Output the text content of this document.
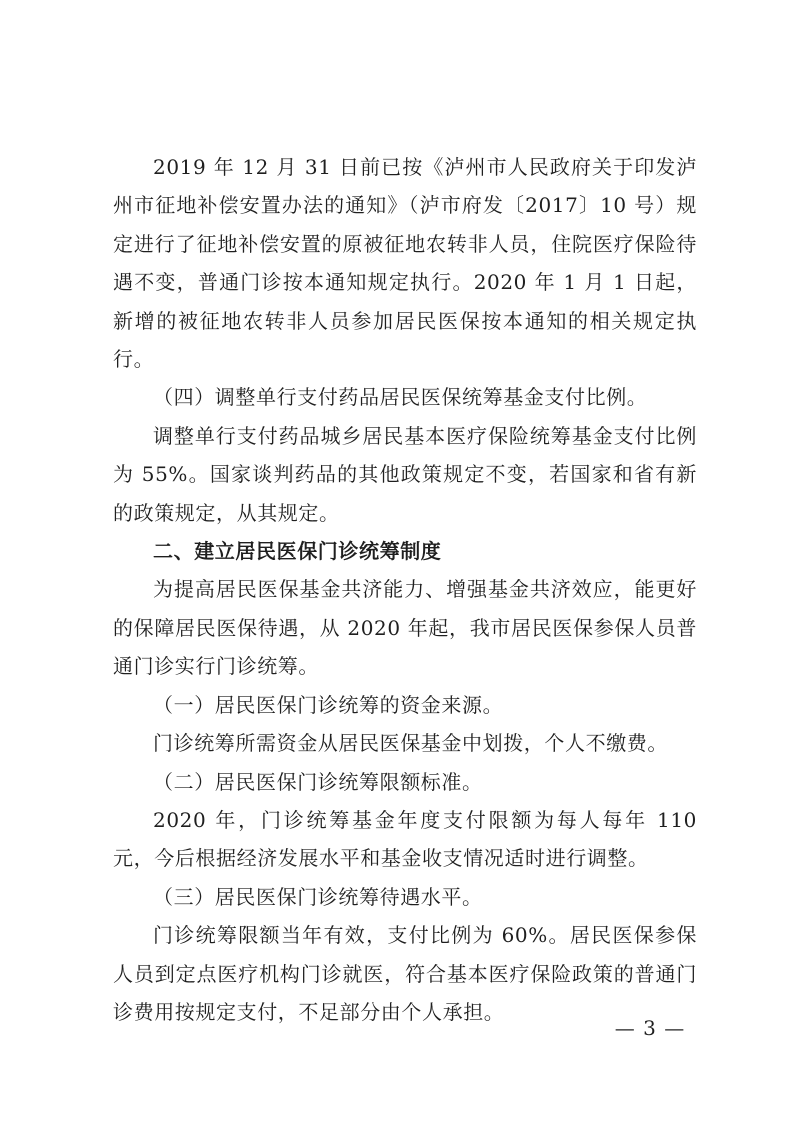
2019 年 12 月 31 日前已按《泸州市人民政府关于印发泸州市征地补偿安置办法的通知》（泸市府发〔2017〕10 号）规定进行了征地补偿安置的原被征地农转非人员，住院医疗保险待遇不变，普通门诊按本通知规定执行。2020 年 1 月 1 日起，新增的被征地农转非人员参加居民医保按本通知的相关规定执行。

（四）调整单行支付药品居民医保统筹基金支付比例。

调整单行支付药品城乡居民基本医疗保险统筹基金支付比例为 55%。国家谈判药品的其他政策规定不变，若国家和省有新的政策规定，从其规定。

二、建立居民医保门诊统筹制度

为提高居民医保基金共济能力、增强基金共济效应，能更好的保障居民医保待遇，从 2020 年起，我市居民医保参保人员普通门诊实行门诊统筹。

（一）居民医保门诊统筹的资金来源。

门诊统筹所需资金从居民医保基金中划拨，个人不缴费。

（二）居民医保门诊统筹限额标准。

2020 年，门诊统筹基金年度支付限额为每人每年 110 元，今后根据经济发展水平和基金收支情况适时进行调整。

（三）居民医保门诊统筹待遇水平。

门诊统筹限额当年有效，支付比例为 60%。居民医保参保人员到定点医疗机构门诊就医，符合基本医疗保险政策的普通门诊费用按规定支付，不足部分由个人承担。

— 3 —
